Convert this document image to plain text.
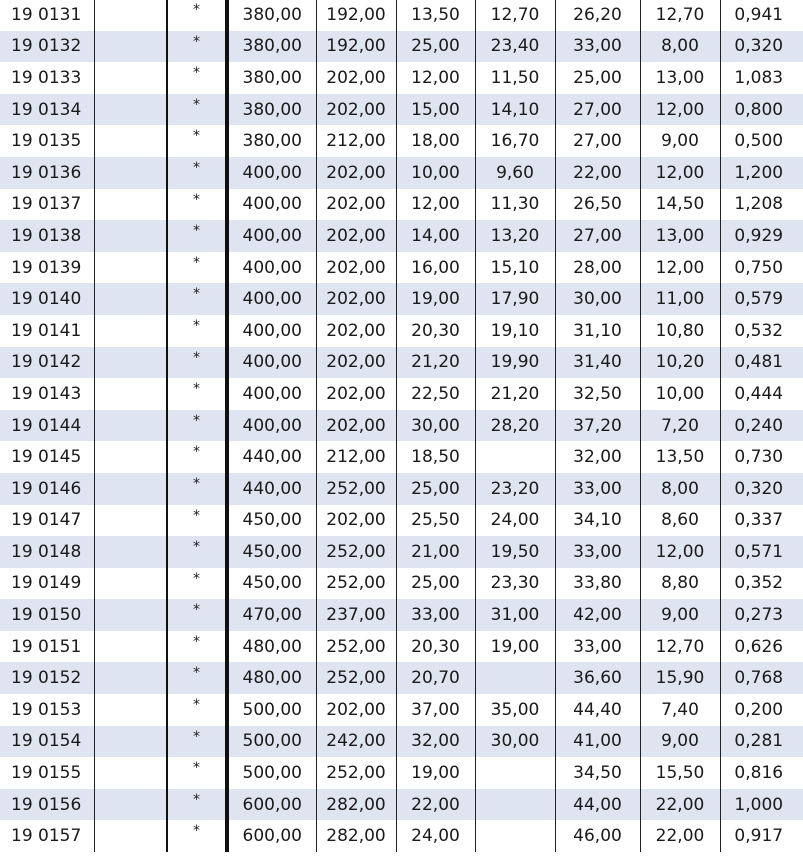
19 0131		*	380,00	192,00	13,50	12,70	26,20	12,70	0,941
19 0132		*	380,00	192,00	25,00	23,40	33,00	8,00	0,320
19 0133		*	380,00	202,00	12,00	11,50	25,00	13,00	1,083
19 0134		*	380,00	202,00	15,00	14,10	27,00	12,00	0,800
19 0135		*	380,00	212,00	18,00	16,70	27,00	9,00	0,500
19 0136		*	400,00	202,00	10,00	9,60	22,00	12,00	1,200
19 0137		*	400,00	202,00	12,00	11,30	26,50	14,50	1,208
19 0138		*	400,00	202,00	14,00	13,20	27,00	13,00	0,929
19 0139		*	400,00	202,00	16,00	15,10	28,00	12,00	0,750
19 0140		*	400,00	202,00	19,00	17,90	30,00	11,00	0,579
19 0141		*	400,00	202,00	20,30	19,10	31,10	10,80	0,532
19 0142		*	400,00	202,00	21,20	19,90	31,40	10,20	0,481
19 0143		*	400,00	202,00	22,50	21,20	32,50	10,00	0,444
19 0144		*	400,00	202,00	30,00	28,20	37,20	7,20	0,240
19 0145		*	440,00	212,00	18,50		32,00	13,50	0,730
19 0146		*	440,00	252,00	25,00	23,20	33,00	8,00	0,320
19 0147		*	450,00	202,00	25,50	24,00	34,10	8,60	0,337
19 0148		*	450,00	252,00	21,00	19,50	33,00	12,00	0,571
19 0149		*	450,00	252,00	25,00	23,30	33,80	8,80	0,352
19 0150		*	470,00	237,00	33,00	31,00	42,00	9,00	0,273
19 0151		*	480,00	252,00	20,30	19,00	33,00	12,70	0,626
19 0152		*	480,00	252,00	20,70		36,60	15,90	0,768
19 0153		*	500,00	202,00	37,00	35,00	44,40	7,40	0,200
19 0154		*	500,00	242,00	32,00	30,00	41,00	9,00	0,281
19 0155		*	500,00	252,00	19,00		34,50	15,50	0,816
19 0156		*	600,00	282,00	22,00		44,00	22,00	1,000
19 0157		*	600,00	282,00	24,00		46,00	22,00	0,917
